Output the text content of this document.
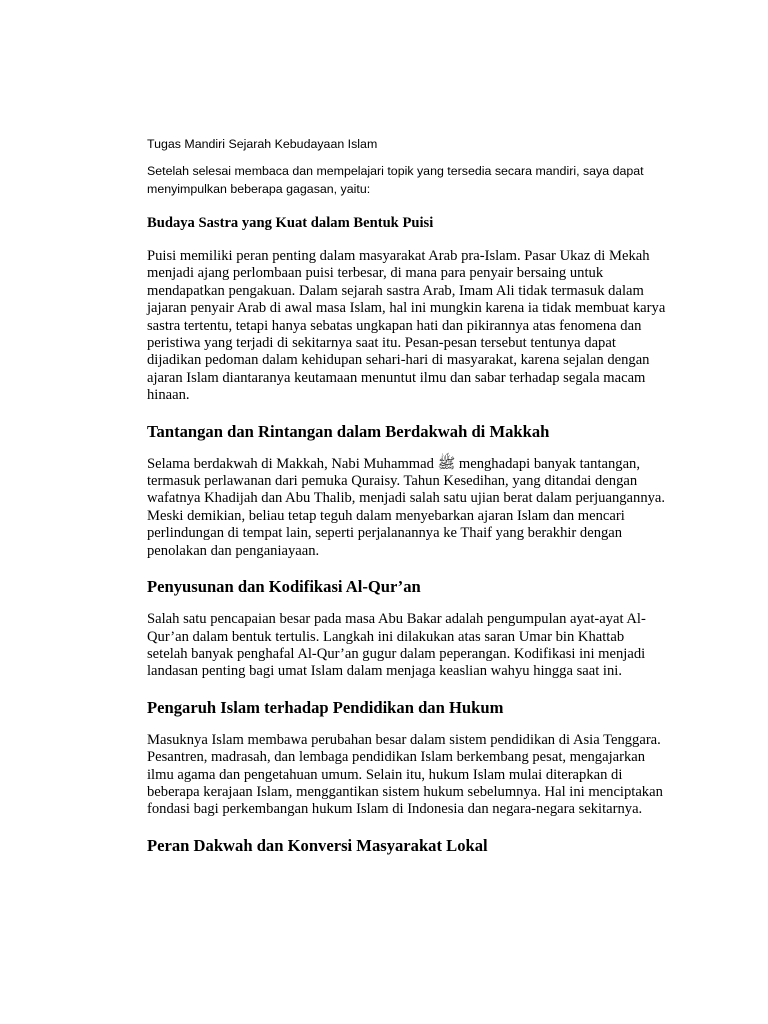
Tugas Mandiri Sejarah Kebudayaan Islam

Setelah selesai membaca dan mempelajari topik yang tersedia secara mandiri, saya dapat menyimpulkan beberapa gagasan, yaitu:

Budaya Sastra yang Kuat dalam Bentuk Puisi

Puisi memiliki peran penting dalam masyarakat Arab pra-Islam. Pasar Ukaz di Mekah menjadi ajang perlombaan puisi terbesar, di mana para penyair bersaing untuk mendapatkan pengakuan. Dalam sejarah sastra Arab, Imam Ali tidak termasuk dalam jajaran penyair Arab di awal masa Islam, hal ini mungkin karena ia tidak membuat karya sastra tertentu, tetapi hanya sebatas ungkapan hati dan pikirannya atas fenomena dan peristiwa yang terjadi di sekitarnya saat itu. Pesan-pesan tersebut tentunya dapat dijadikan pedoman dalam kehidupan sehari-hari di masyarakat, karena sejalan dengan ajaran Islam diantaranya keutamaan menuntut ilmu dan sabar terhadap segala macam hinaan.

Tantangan dan Rintangan dalam Berdakwah di Makkah

Selama berdakwah di Makkah, Nabi Muhammad ﷺ menghadapi banyak tantangan, termasuk perlawanan dari pemuka Quraisy. Tahun Kesedihan, yang ditandai dengan wafatnya Khadijah dan Abu Thalib, menjadi salah satu ujian berat dalam perjuangannya. Meski demikian, beliau tetap teguh dalam menyebarkan ajaran Islam dan mencari perlindungan di tempat lain, seperti perjalanannya ke Thaif yang berakhir dengan penolakan dan penganiayaan.

Penyusunan dan Kodifikasi Al-Qur’an

Salah satu pencapaian besar pada masa Abu Bakar adalah pengumpulan ayat-ayat Al-Qur’an dalam bentuk tertulis. Langkah ini dilakukan atas saran Umar bin Khattab setelah banyak penghafal Al-Qur’an gugur dalam peperangan. Kodifikasi ini menjadi landasan penting bagi umat Islam dalam menjaga keaslian wahyu hingga saat ini.

Pengaruh Islam terhadap Pendidikan dan Hukum

Masuknya Islam membawa perubahan besar dalam sistem pendidikan di Asia Tenggara. Pesantren, madrasah, dan lembaga pendidikan Islam berkembang pesat, mengajarkan ilmu agama dan pengetahuan umum. Selain itu, hukum Islam mulai diterapkan di beberapa kerajaan Islam, menggantikan sistem hukum sebelumnya. Hal ini menciptakan fondasi bagi perkembangan hukum Islam di Indonesia dan negara-negara sekitarnya.

Peran Dakwah dan Konversi Masyarakat Lokal
